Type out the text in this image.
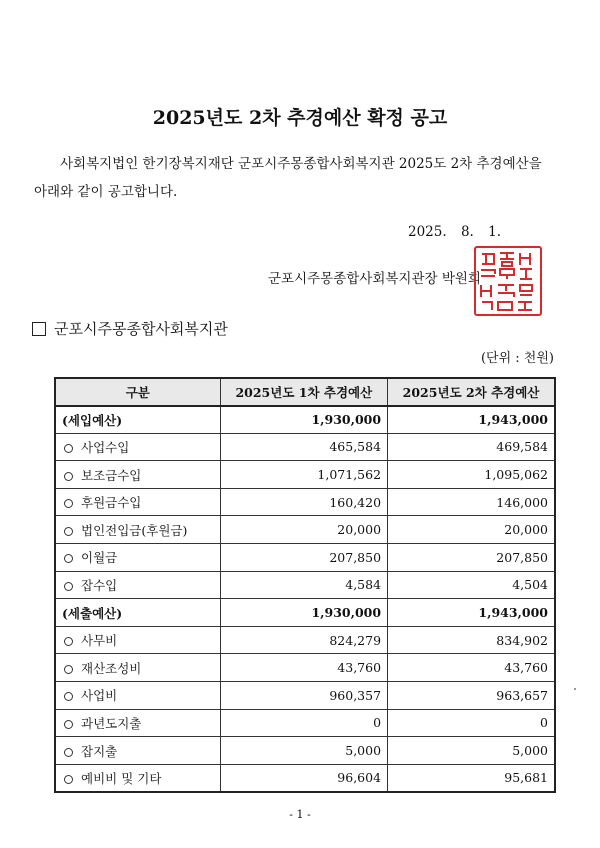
2025년도 2차 추경예산 확정 공고
사회복지법인 한기장복지재단 군포시주몽종합사회복지관 2025도 2차 추경예산을
아래와 같이 공고합니다.
2025. 8. 1.
군포시주몽종합사회복지관장 박원희
군포시주몽종합사회복지관
(단위 : 천원)
구분	2025년도 1차 추경예산	2025년도 2차 추경예산
(세입예산)	1,930,000	1,943,000
사업수입	465,584	469,584
보조금수입	1,071,562	1,095,062
후원금수입	160,420	146,000
법인전입금(후원금)	20,000	20,000
이월금	207,850	207,850
잡수입	4,584	4,504
(세출예산)	1,930,000	1,943,000
사무비	824,279	834,902
재산조성비	43,760	43,760
사업비	960,357	963,657
과년도지출	0	0
잡지출	5,000	5,000
예비비 및 기타	96,604	95,681
- 1 -
